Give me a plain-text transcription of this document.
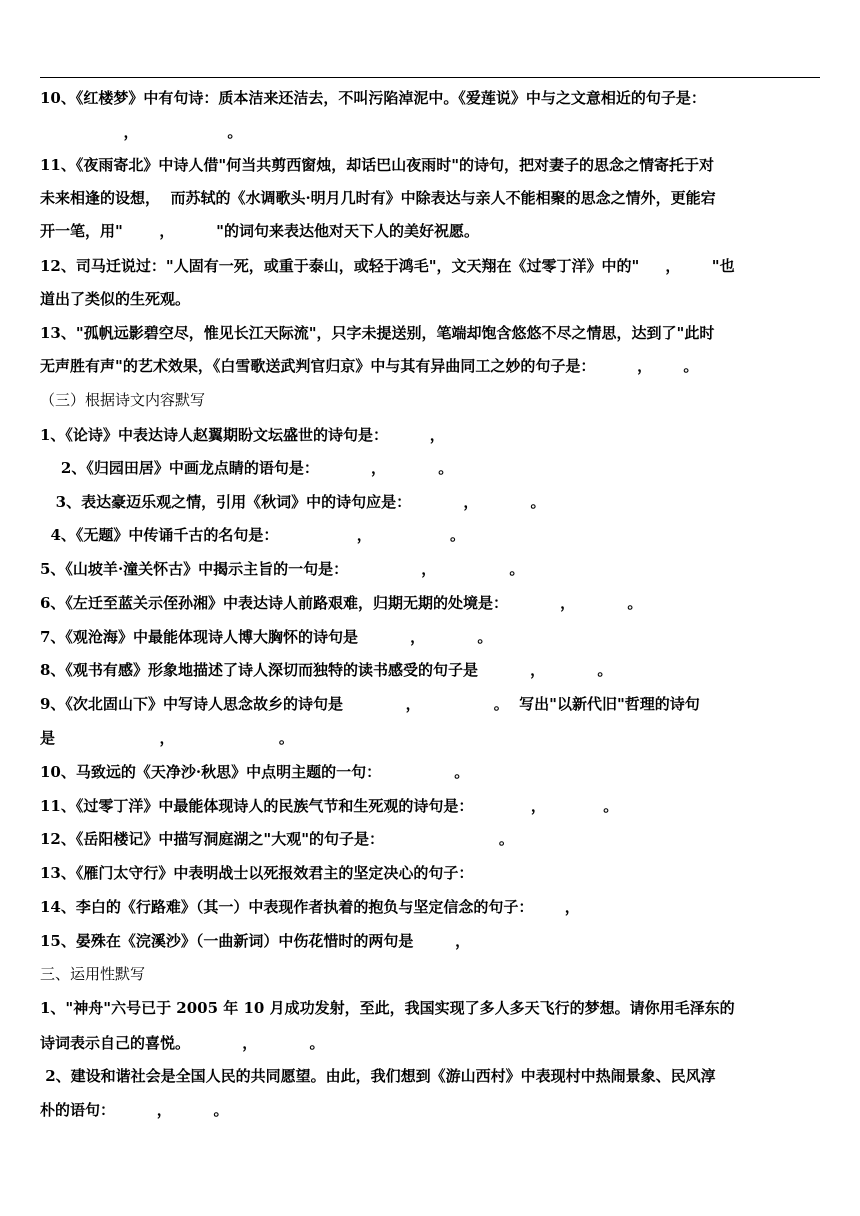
10、《红楼梦》中有句诗：质本洁来还洁去，不叫污陷淖泥中。《爱莲说》中与之文意相近的句子是：
，                 。
11、《夜雨寄北》中诗人借"何当共剪西窗烛，却话巴山夜雨时"的诗句，把对妻子的思念之情寄托于对
未来相逢的设想，  而苏轼的《水调歌头·明月几时有》中除表达与亲人不能相聚的思念之情外，更能宕
开一笔，用"       ，        "的词句来表达他对天下人的美好祝愿。
12、司马迁说过："人固有一死，或重于泰山，或轻于鸿毛"，文天翔在《过零丁洋》中的"     ，      "也
道出了类似的生死观。
13、"孤帆远影碧空尽，惟见长江天际流"，只字未提送别，笔端却饱含悠悠不尽之情思，达到了"此时
无声胜有声"的艺术效果，《白雪歌送武判官归京》中与其有异曲同工之妙的句子是：        ，      。
（三）根据诗文内容默写
1、《论诗》中表达诗人赵翼期盼文坛盛世的诗句是：        ，
2、《归园田居》中画龙点睛的语句是：          ，          。
3、表达豪迈乐观之情，引用《秋词》中的诗句应是：          ，          。
4、《无题》中传诵千古的名句是：               ，               。
5、《山坡羊·潼关怀古》中揭示主旨的一句是：              ，              。
6、《左迁至蓝关示侄孙湘》中表达诗人前路艰难，归期无期的处境是：          ，          。
7、《观沧海》中最能体现诗人博大胸怀的诗句是          ，          。
8、《观书有感》形象地描述了诗人深切而独特的读书感受的句子是          ，          。
9、《次北固山下》中写诗人思念故乡的诗句是            ，              。  写出"以新代旧"哲理的诗句
是                    ，                    。
10、马致远的《天净沙·秋思》中点明主题的一句：              。
11、《过零丁洋》中最能体现诗人的民族气节和生死观的诗句是：           ，           。
12、《岳阳楼记》中描写洞庭湖之"大观"的句子是：                      。
13、《雁门太守行》中表明战士以死报效君主的坚定决心的句子：
14、李白的《行路难》（其一）中表现作者执着的抱负与坚定信念的句子：      ，
15、晏殊在《浣溪沙》（一曲新词）中伤花惜时的两句是        ，
三、运用性默写
1、"神舟"六号已于 2005 年 10 月成功发射，至此，我国实现了多人多天飞行的梦想。请你用毛泽东的
诗词表示自己的喜悦。          ，          。
2、建设和谐社会是全国人民的共同愿望。由此，我们想到《游山西村》中表现村中热闹景象、民风淳
朴的语句：        ，        。
